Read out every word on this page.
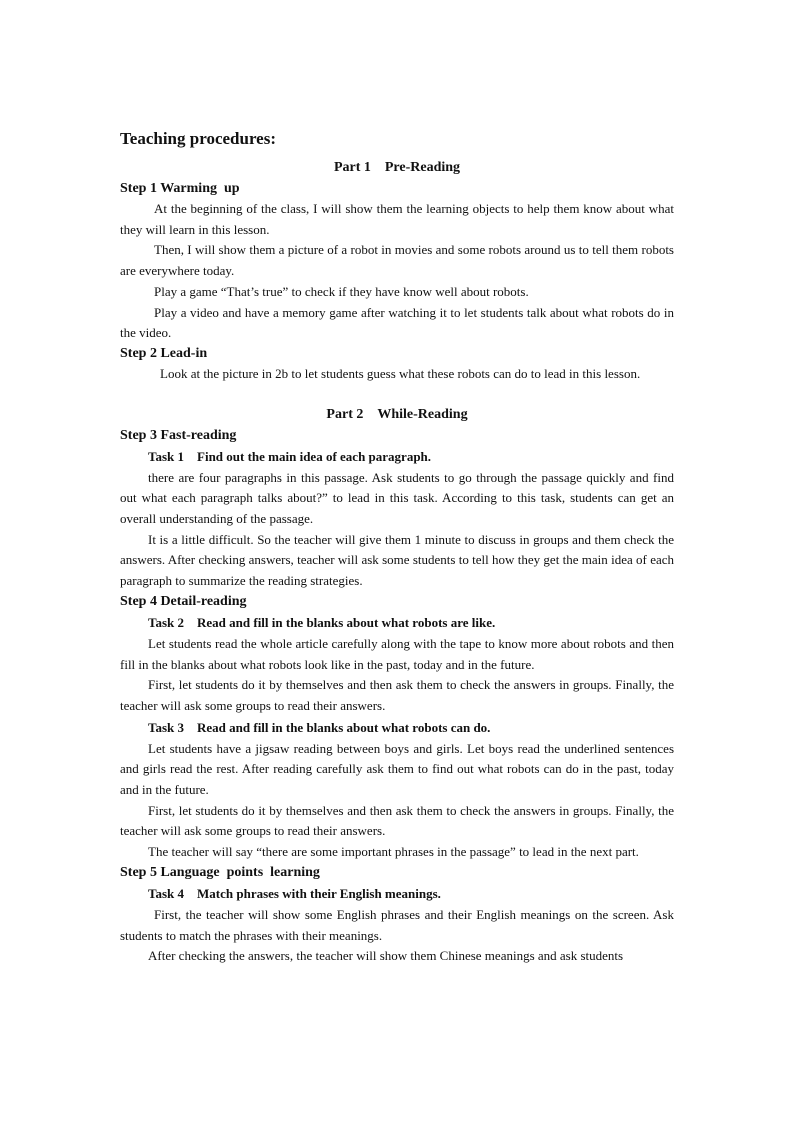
Teaching procedures:

Part 1    Pre-Reading

Step 1 Warming  up

At the beginning of the class, I will show them the learning objects to help them know about what they will learn in this lesson.

Then, I will show them a picture of a robot in movies and some robots around us to tell them robots are everywhere today.

Play a game “That’s true” to check if they have know well about robots.

Play a video and have a memory game after watching it to let students talk about what robots do in the video.

Step 2 Lead-in

Look at the picture in 2b to let students guess what these robots can do to lead in this lesson.

Part 2    While-Reading

Step 3 Fast-reading

Task 1    Find out the main idea of each paragraph.

there are four paragraphs in this passage. Ask students to go through the passage quickly and find out what each paragraph talks about?” to lead in this task. According to this task, students can get an overall understanding of the passage.

It is a little difficult. So the teacher will give them 1 minute to discuss in groups and them check the answers. After checking answers, teacher will ask some students to tell how they get the main idea of each paragraph to summarize the reading strategies.

Step 4 Detail-reading

Task 2    Read and fill in the blanks about what robots are like.

Let students read the whole article carefully along with the tape to know more about robots and then fill in the blanks about what robots look like in the past, today and in the future.

First, let students do it by themselves and then ask them to check the answers in groups. Finally, the teacher will ask some groups to read their answers.

Task 3    Read and fill in the blanks about what robots can do.

Let students have a jigsaw reading between boys and girls. Let boys read the underlined sentences and girls read the rest. After reading carefully ask them to find out what robots can do in the past, today and in the future.

First, let students do it by themselves and then ask them to check the answers in groups. Finally, the teacher will ask some groups to read their answers.

The teacher will say “there are some important phrases in the passage” to lead in the next part.

Step 5 Language  points  learning

Task 4    Match phrases with their English meanings.

First, the teacher will show some English phrases and their English meanings on the screen. Ask students to match the phrases with their meanings.

After checking the answers, the teacher will show them Chinese meanings and ask students
